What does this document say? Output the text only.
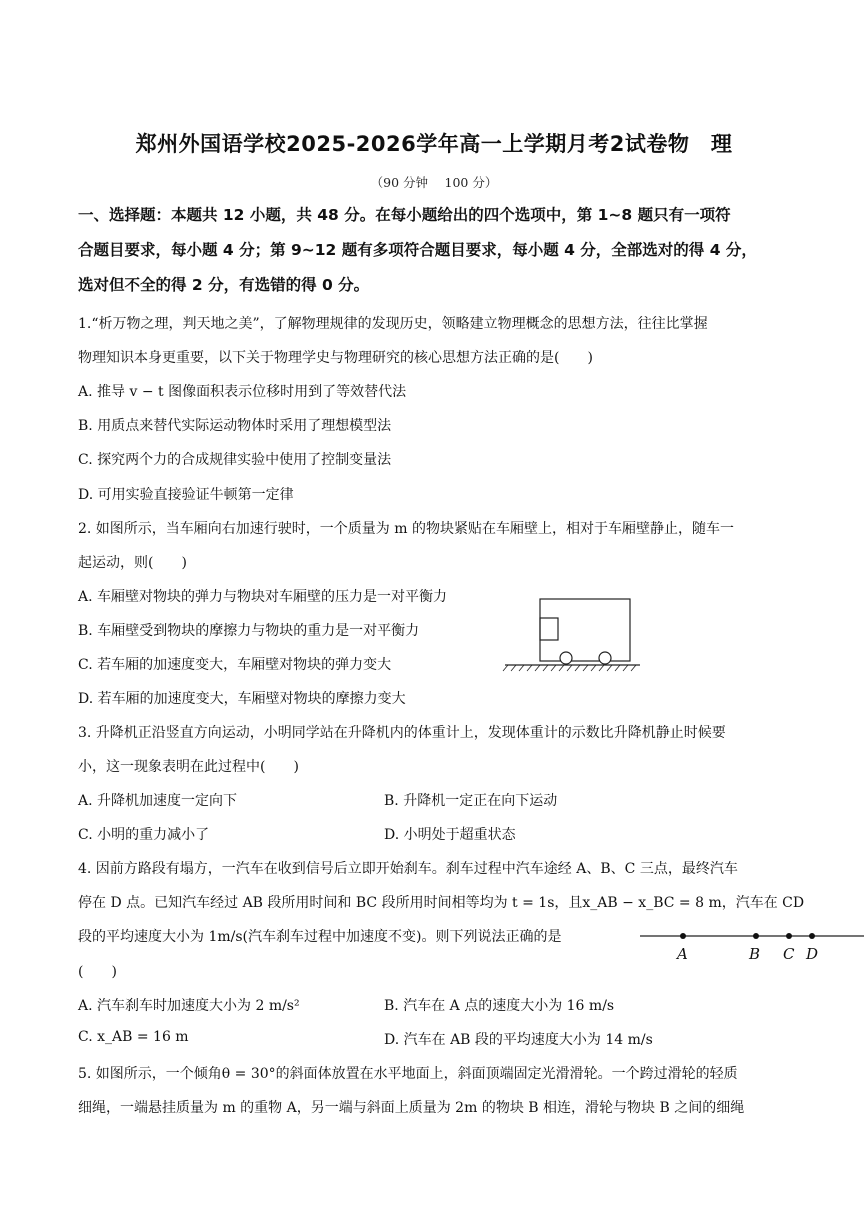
郑州外国语学校2025-2026学年高一上学期月考2试卷物　理
（90 分钟　 100 分）
一、选择题：本题共 12 小题，共 48 分。在每小题给出的四个选项中，第 1~8 题只有一项符
合题目要求，每小题 4 分；第 9~12 题有多项符合题目要求，每小题 4 分，全部选对的得 4 分，
选对但不全的得 2 分，有选错的得 0 分。
1.“析万物之理，判天地之美”，了解物理规律的发现历史，领略建立物理概念的思想方法，往往比掌握
物理知识本身更重要，以下关于物理学史与物理研究的核心思想方法正确的是(　　)
A. 推导 v − t 图像面积表示位移时用到了等效替代法
B. 用质点来替代实际运动物体时采用了理想模型法
C. 探究两个力的合成规律实验中使用了控制变量法
D. 可用实验直接验证牛顿第一定律
2. 如图所示，当车厢向右加速行驶时，一个质量为 m 的物块紧贴在车厢壁上，相对于车厢壁静止，随车一
起运动，则(　　)
A. 车厢壁对物块的弹力与物块对车厢壁的压力是一对平衡力
B. 车厢壁受到物块的摩擦力与物块的重力是一对平衡力
C. 若车厢的加速度变大，车厢壁对物块的弹力变大
D. 若车厢的加速度变大，车厢壁对物块的摩擦力变大
3. 升降机正沿竖直方向运动，小明同学站在升降机内的体重计上，发现体重计的示数比升降机静止时候要
小，这一现象表明在此过程中(　　)
A. 升降机加速度一定向下	B. 升降机一定正在向下运动
C. 小明的重力减小了	D. 小明处于超重状态
4. 因前方路段有塌方，一汽车在收到信号后立即开始刹车。刹车过程中汽车途经 A、B、C 三点，最终汽车
停在 D 点。已知汽车经过 AB 段所用时间和 BC 段所用时间相等均为 t = 1s，且x_AB − x_BC = 8 m，汽车在 CD
段的平均速度大小为 1m/s(汽车刹车过程中加速度不变)。则下列说法正确的是
(　　)
A	B C D
A. 汽车刹车时加速度大小为 2 m/s²	B. 汽车在 A 点的速度大小为 16 m/s
C. x_AB = 16 m	D. 汽车在 AB 段的平均速度大小为 14 m/s
5. 如图所示，一个倾角θ = 30°的斜面体放置在水平地面上，斜面顶端固定光滑滑轮。一个跨过滑轮的轻质
细绳，一端悬挂质量为 m 的重物 A，另一端与斜面上质量为 2m 的物块 B 相连，滑轮与物块 B 之间的细绳
